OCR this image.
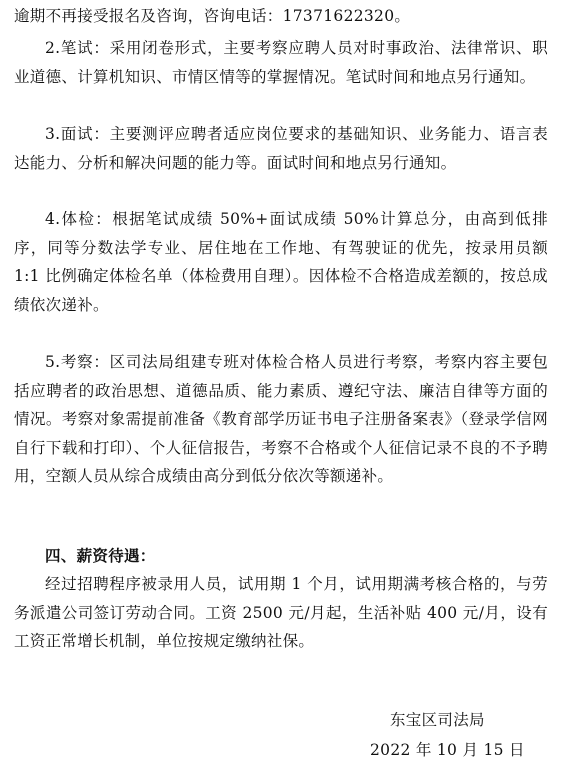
逾期不再接受报名及咨询，咨询电话：17371622320。

2.笔试：采用闭卷形式，主要考察应聘人员对时事政治、法律常识、职业道德、计算机知识、市情区情等的掌握情况。笔试时间和地点另行通知。

3.面试：主要测评应聘者适应岗位要求的基础知识、业务能力、语言表达能力、分析和解决问题的能力等。面试时间和地点另行通知。

4.体检：根据笔试成绩 50%+面试成绩 50%计算总分，由高到低排序，同等分数法学专业、居住地在工作地、有驾驶证的优先，按录用员额 1:1 比例确定体检名单（体检费用自理）。因体检不合格造成差额的，按总成绩依次递补。

5.考察：区司法局组建专班对体检合格人员进行考察，考察内容主要包括应聘者的政治思想、道德品质、能力素质、遵纪守法、廉洁自律等方面的情况。考察对象需提前准备《教育部学历证书电子注册备案表》（登录学信网自行下载和打印）、个人征信报告，考察不合格或个人征信记录不良的不予聘用，空额人员从综合成绩由高分到低分依次等额递补。

四、薪资待遇：

经过招聘程序被录用人员，试用期 1 个月，试用期满考核合格的，与劳务派遣公司签订劳动合同。工资 2500 元/月起，生活补贴 400 元/月，设有工资正常增长机制，单位按规定缴纳社保。

东宝区司法局

2022 年 10 月 15 日
